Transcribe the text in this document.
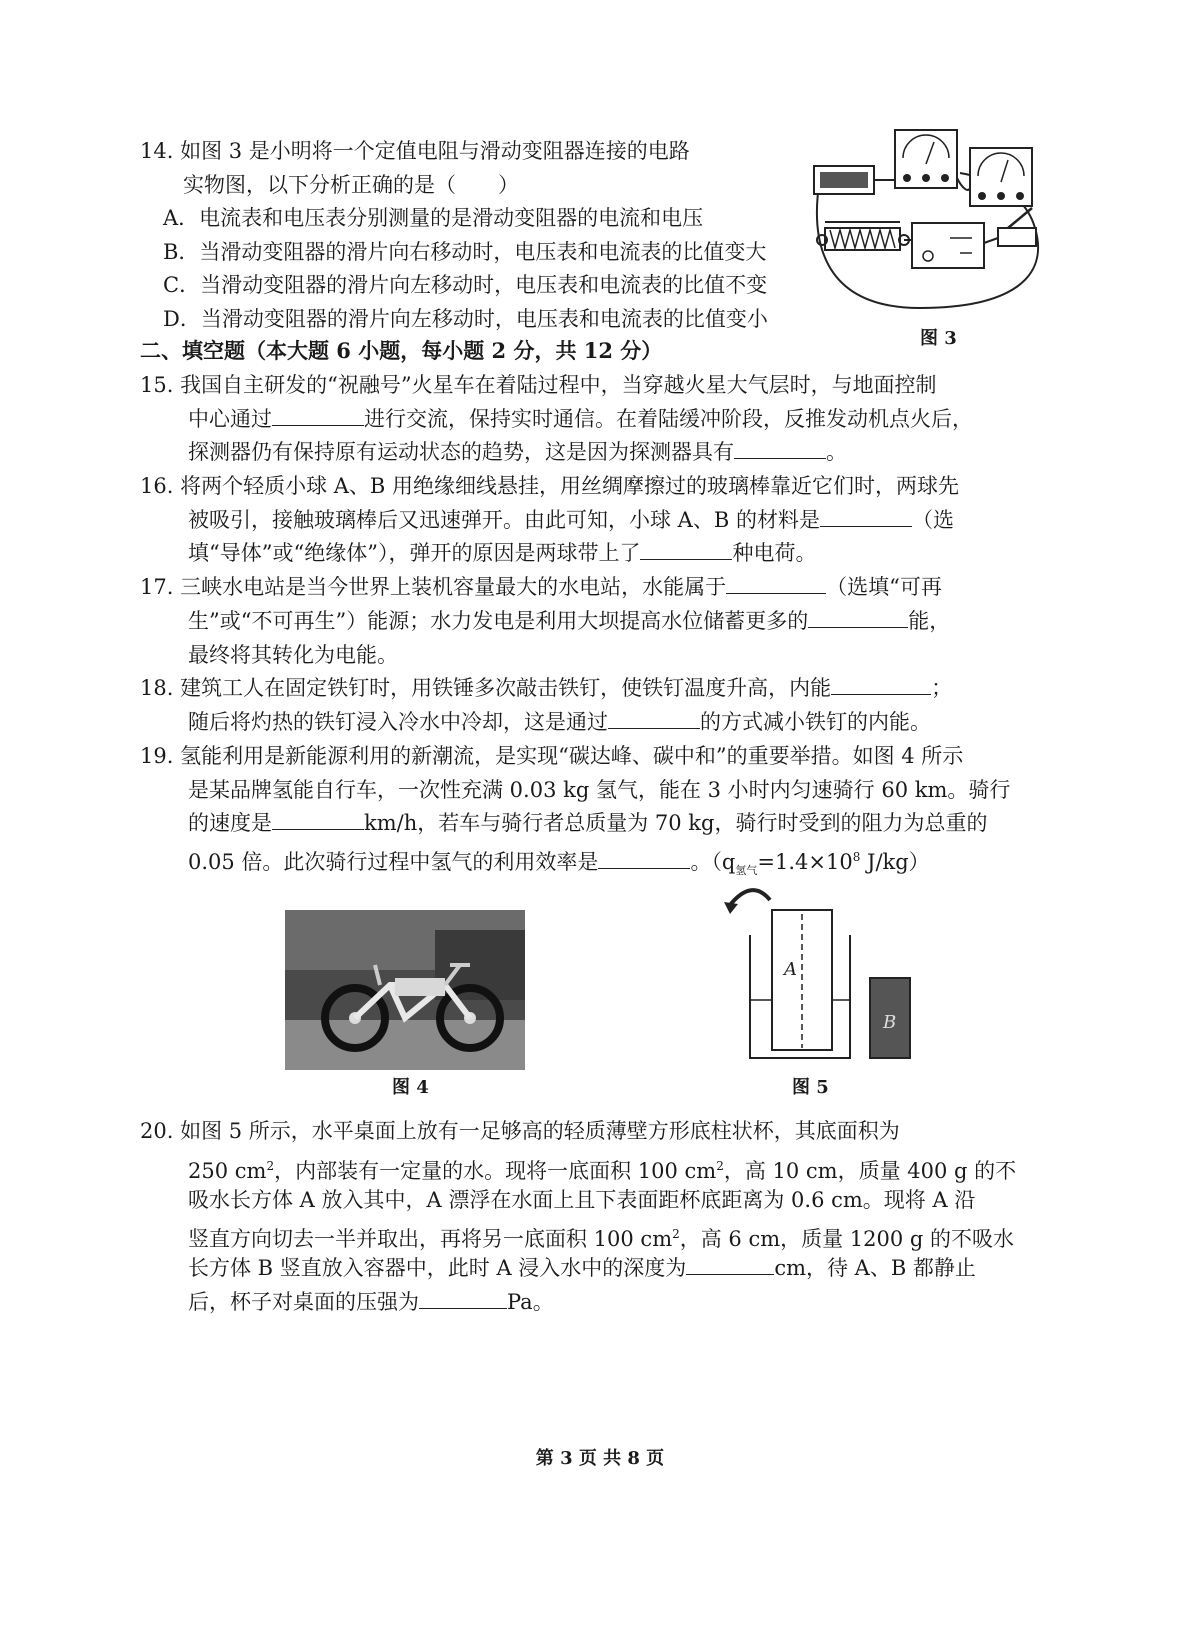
14. 如图 3 是小明将一个定值电阻与滑动变阻器连接的电路
实物图，以下分析正确的是（　　）
A．电流表和电压表分别测量的是滑动变阻器的电流和电压
B．当滑动变阻器的滑片向右移动时，电压表和电流表的比值变大
C．当滑动变阻器的滑片向左移动时，电压表和电流表的比值不变
D．当滑动变阻器的滑片向左移动时，电压表和电流表的比值变小
图 3
二、填空题（本大题 6 小题，每小题 2 分，共 12 分）
15. 我国自主研发的“祝融号”火星车在着陆过程中，当穿越火星大气层时，与地面控制
中心通过	进行交流，保持实时通信。在着陆缓冲阶段，反推发动机点火后，
探测器仍有保持原有运动状态的趋势，这是因为探测器具有	。
16. 将两个轻质小球 A、B 用绝缘细线悬挂，用丝绸摩擦过的玻璃棒靠近它们时，两球先
被吸引，接触玻璃棒后又迅速弹开。由此可知，小球 A、B 的材料是	（选
填“导体”或“绝缘体”），弹开的原因是两球带上了	种电荷。
17. 三峡水电站是当今世界上装机容量最大的水电站，水能属于	（选填“可再
生”或“不可再生”）能源；水力发电是利用大坝提高水位储蓄更多的	能，
最终将其转化为电能。
18. 建筑工人在固定铁钉时，用铁锤多次敲击铁钉，使铁钉温度升高，内能	；
随后将灼热的铁钉浸入冷水中冷却，这是通过	的方式减小铁钉的内能。
19. 氢能利用是新能源利用的新潮流，是实现“碳达峰、碳中和”的重要举措。如图 4 所示
是某品牌氢能自行车，一次性充满 0.03 kg 氢气，能在 3 小时内匀速骑行 60 km。骑行
的速度是	km/h，若车与骑行者总质量为 70 kg，骑行时受到的阻力为总重的
0.05 倍。此次骑行过程中氢气的利用效率是	。（$q_{氢气}=1.4\times 10^8$ J/kg）
图 4
A
B
图 5
20. 如图 5 所示，水平桌面上放有一足够高的轻质薄壁方形底柱状杯，其底面积为
250 $cm^2$，内部装有一定量的水。现将一底面积 100 $cm^2$，高 10 cm，质量 400 g 的不
吸水长方体 A 放入其中，A 漂浮在水面上且下表面距杯底距离为 0.6 cm。现将 A 沿
竖直方向切去一半并取出，再将另一底面积 100 $cm^2$，高 6 cm，质量 1200 g 的不吸水
长方体 B 竖直放入容器中，此时 A 浸入水中的深度为	cm，待 A、B 都静止
后，杯子对桌面的压强为	Pa。
第 3 页 共 8 页
